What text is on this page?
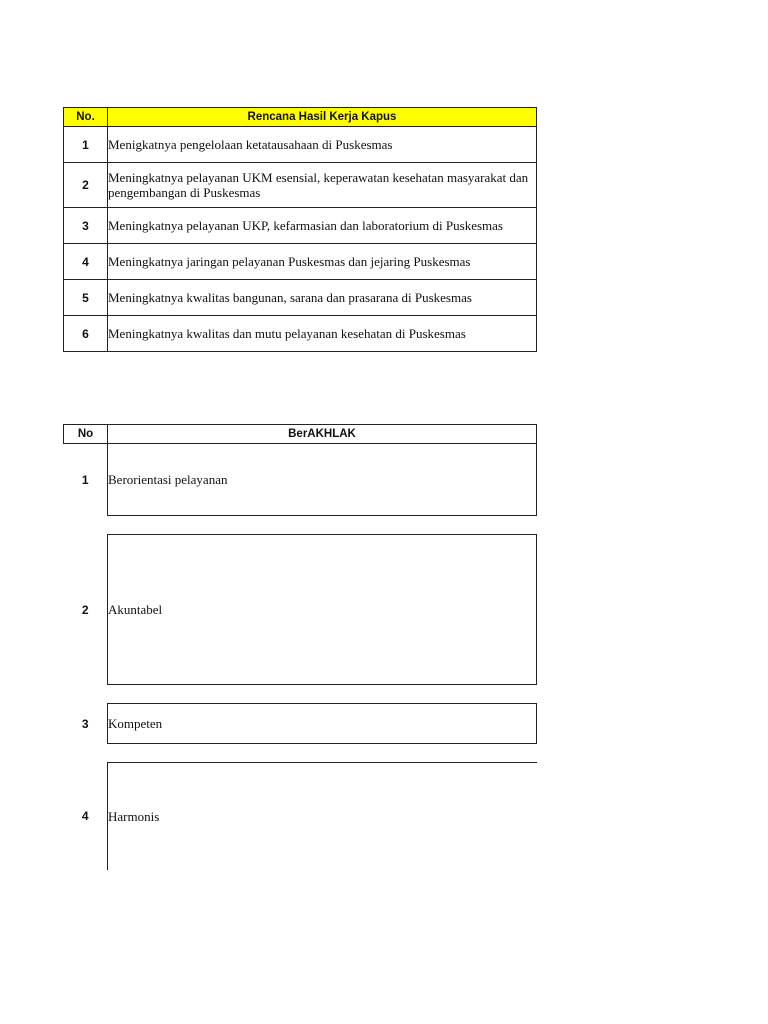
No.	Rencana Hasil Kerja Kapus
1	Menigkatnya pengelolaan ketatausahaan di Puskesmas
2	Meningkatnya pelayanan UKM esensial, keperawatan kesehatan masyarakat dan pengembangan di Puskesmas
3	Meningkatnya pelayanan UKP, kefarmasian dan laboratorium di Puskesmas
4	Meningkatnya jaringan pelayanan Puskesmas dan jejaring Puskesmas
5	Meningkatnya kwalitas bangunan, sarana dan prasarana di Puskesmas
6	Meningkatnya kwalitas dan mutu pelayanan kesehatan di Puskesmas
No	BerAKHLAK
1	Berorientasi pelayanan

2	Akuntabel

3	Kompeten

4	Harmonis
